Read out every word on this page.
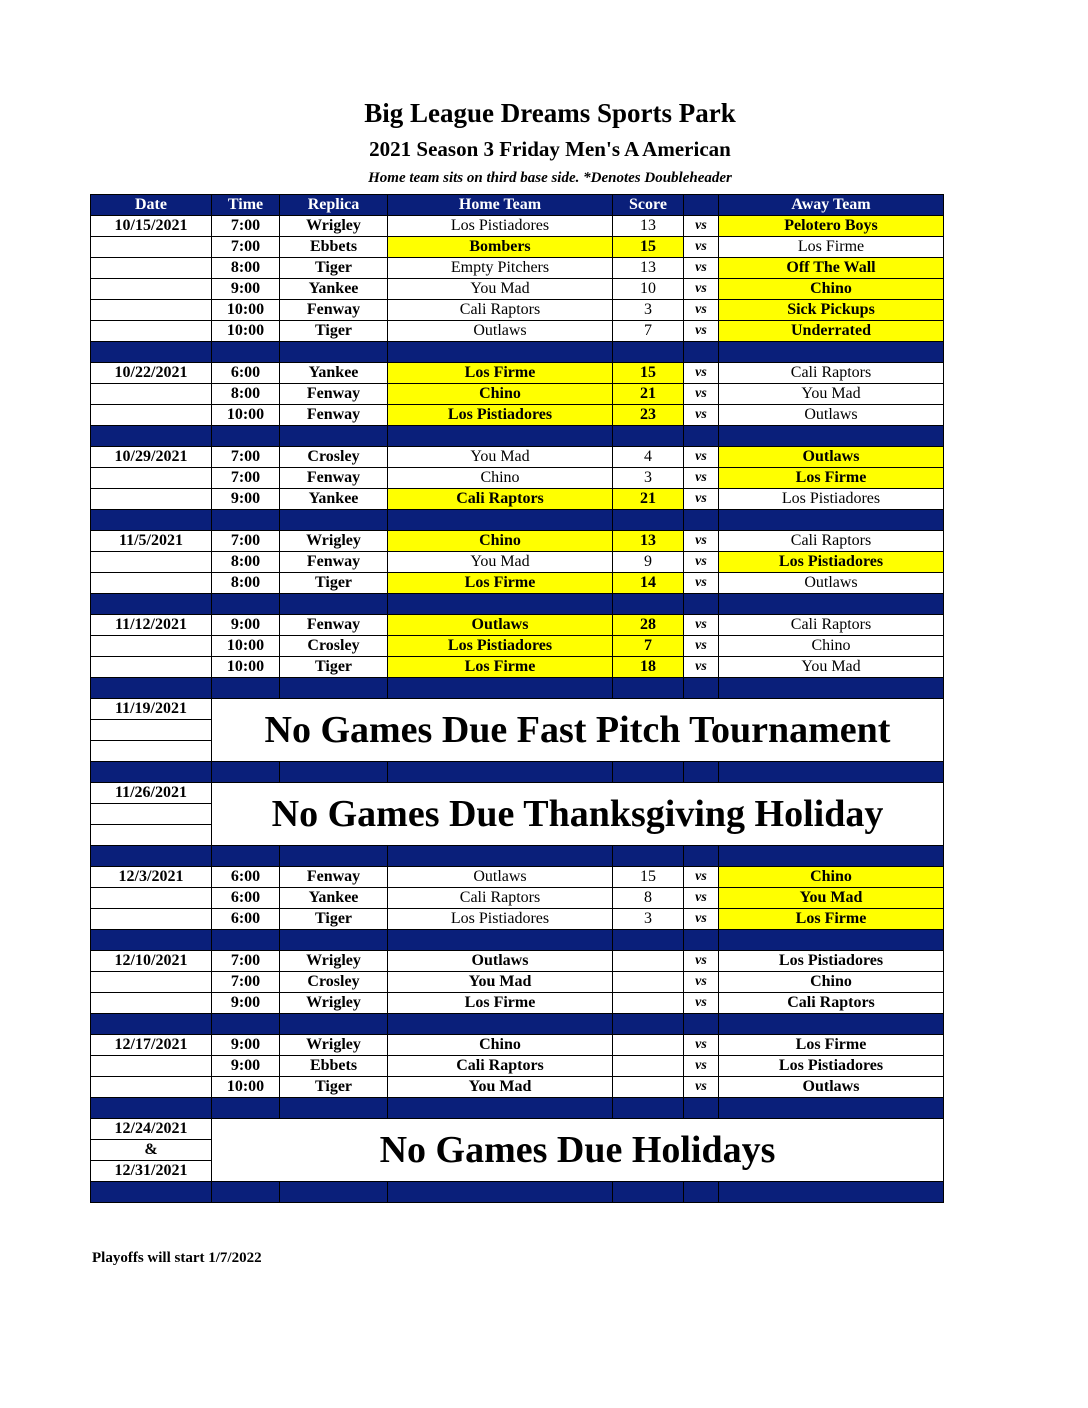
Big League Dreams Sports Park
2021 Season 3 Friday Men's A American
Home team sits on third base side. *Denotes Doubleheader
Date	Time	Replica	Home Team	Score		Away Team
10/15/2021	7:00	Wrigley	Los Pistiadores	13	vs	Pelotero Boys
	7:00	Ebbets	Bombers	15	vs	Los Firme
	8:00	Tiger	Empty Pitchers	13	vs	Off The Wall
	9:00	Yankee	You Mad	10	vs	Chino
	10:00	Fenway	Cali Raptors	3	vs	Sick Pickups
	10:00	Tiger	Outlaws	7	vs	Underrated

10/22/2021	6:00	Yankee	Los Firme	15	vs	Cali Raptors
	8:00	Fenway	Chino	21	vs	You Mad
	10:00	Fenway	Los Pistiadores	23	vs	Outlaws

10/29/2021	7:00	Crosley	You Mad	4	vs	Outlaws
	7:00	Fenway	Chino	3	vs	Los Firme
	9:00	Yankee	Cali Raptors	21	vs	Los Pistiadores

11/5/2021	7:00	Wrigley	Chino	13	vs	Cali Raptors
	8:00	Fenway	You Mad	9	vs	Los Pistiadores
	8:00	Tiger	Los Firme	14	vs	Outlaws

11/12/2021	9:00	Fenway	Outlaws	28	vs	Cali Raptors
	10:00	Crosley	Los Pistiadores	7	vs	Chino
	10:00	Tiger	Los Firme	18	vs	You Mad

11/19/2021	No Games Due Fast Pitch Tournament					

11/26/2021	No Games Due Thanksgiving Holiday					

12/3/2021	6:00	Fenway	Outlaws	15	vs	Chino
	6:00	Yankee	Cali Raptors	8	vs	You Mad
	6:00	Tiger	Los Pistiadores	3	vs	Los Firme

12/10/2021	7:00	Wrigley	Outlaws		vs	Los Pistiadores
	7:00	Crosley	You Mad		vs	Chino
	9:00	Wrigley	Los Firme		vs	Cali Raptors

12/17/2021	9:00	Wrigley	Chino		vs	Los Firme
	9:00	Ebbets	Cali Raptors		vs	Los Pistiadores
	10:00	Tiger	You Mad		vs	Outlaws

12/24/2021	No Games Due Holidays					
&						
12/31/2021						

Playoffs will start 1/7/2022
